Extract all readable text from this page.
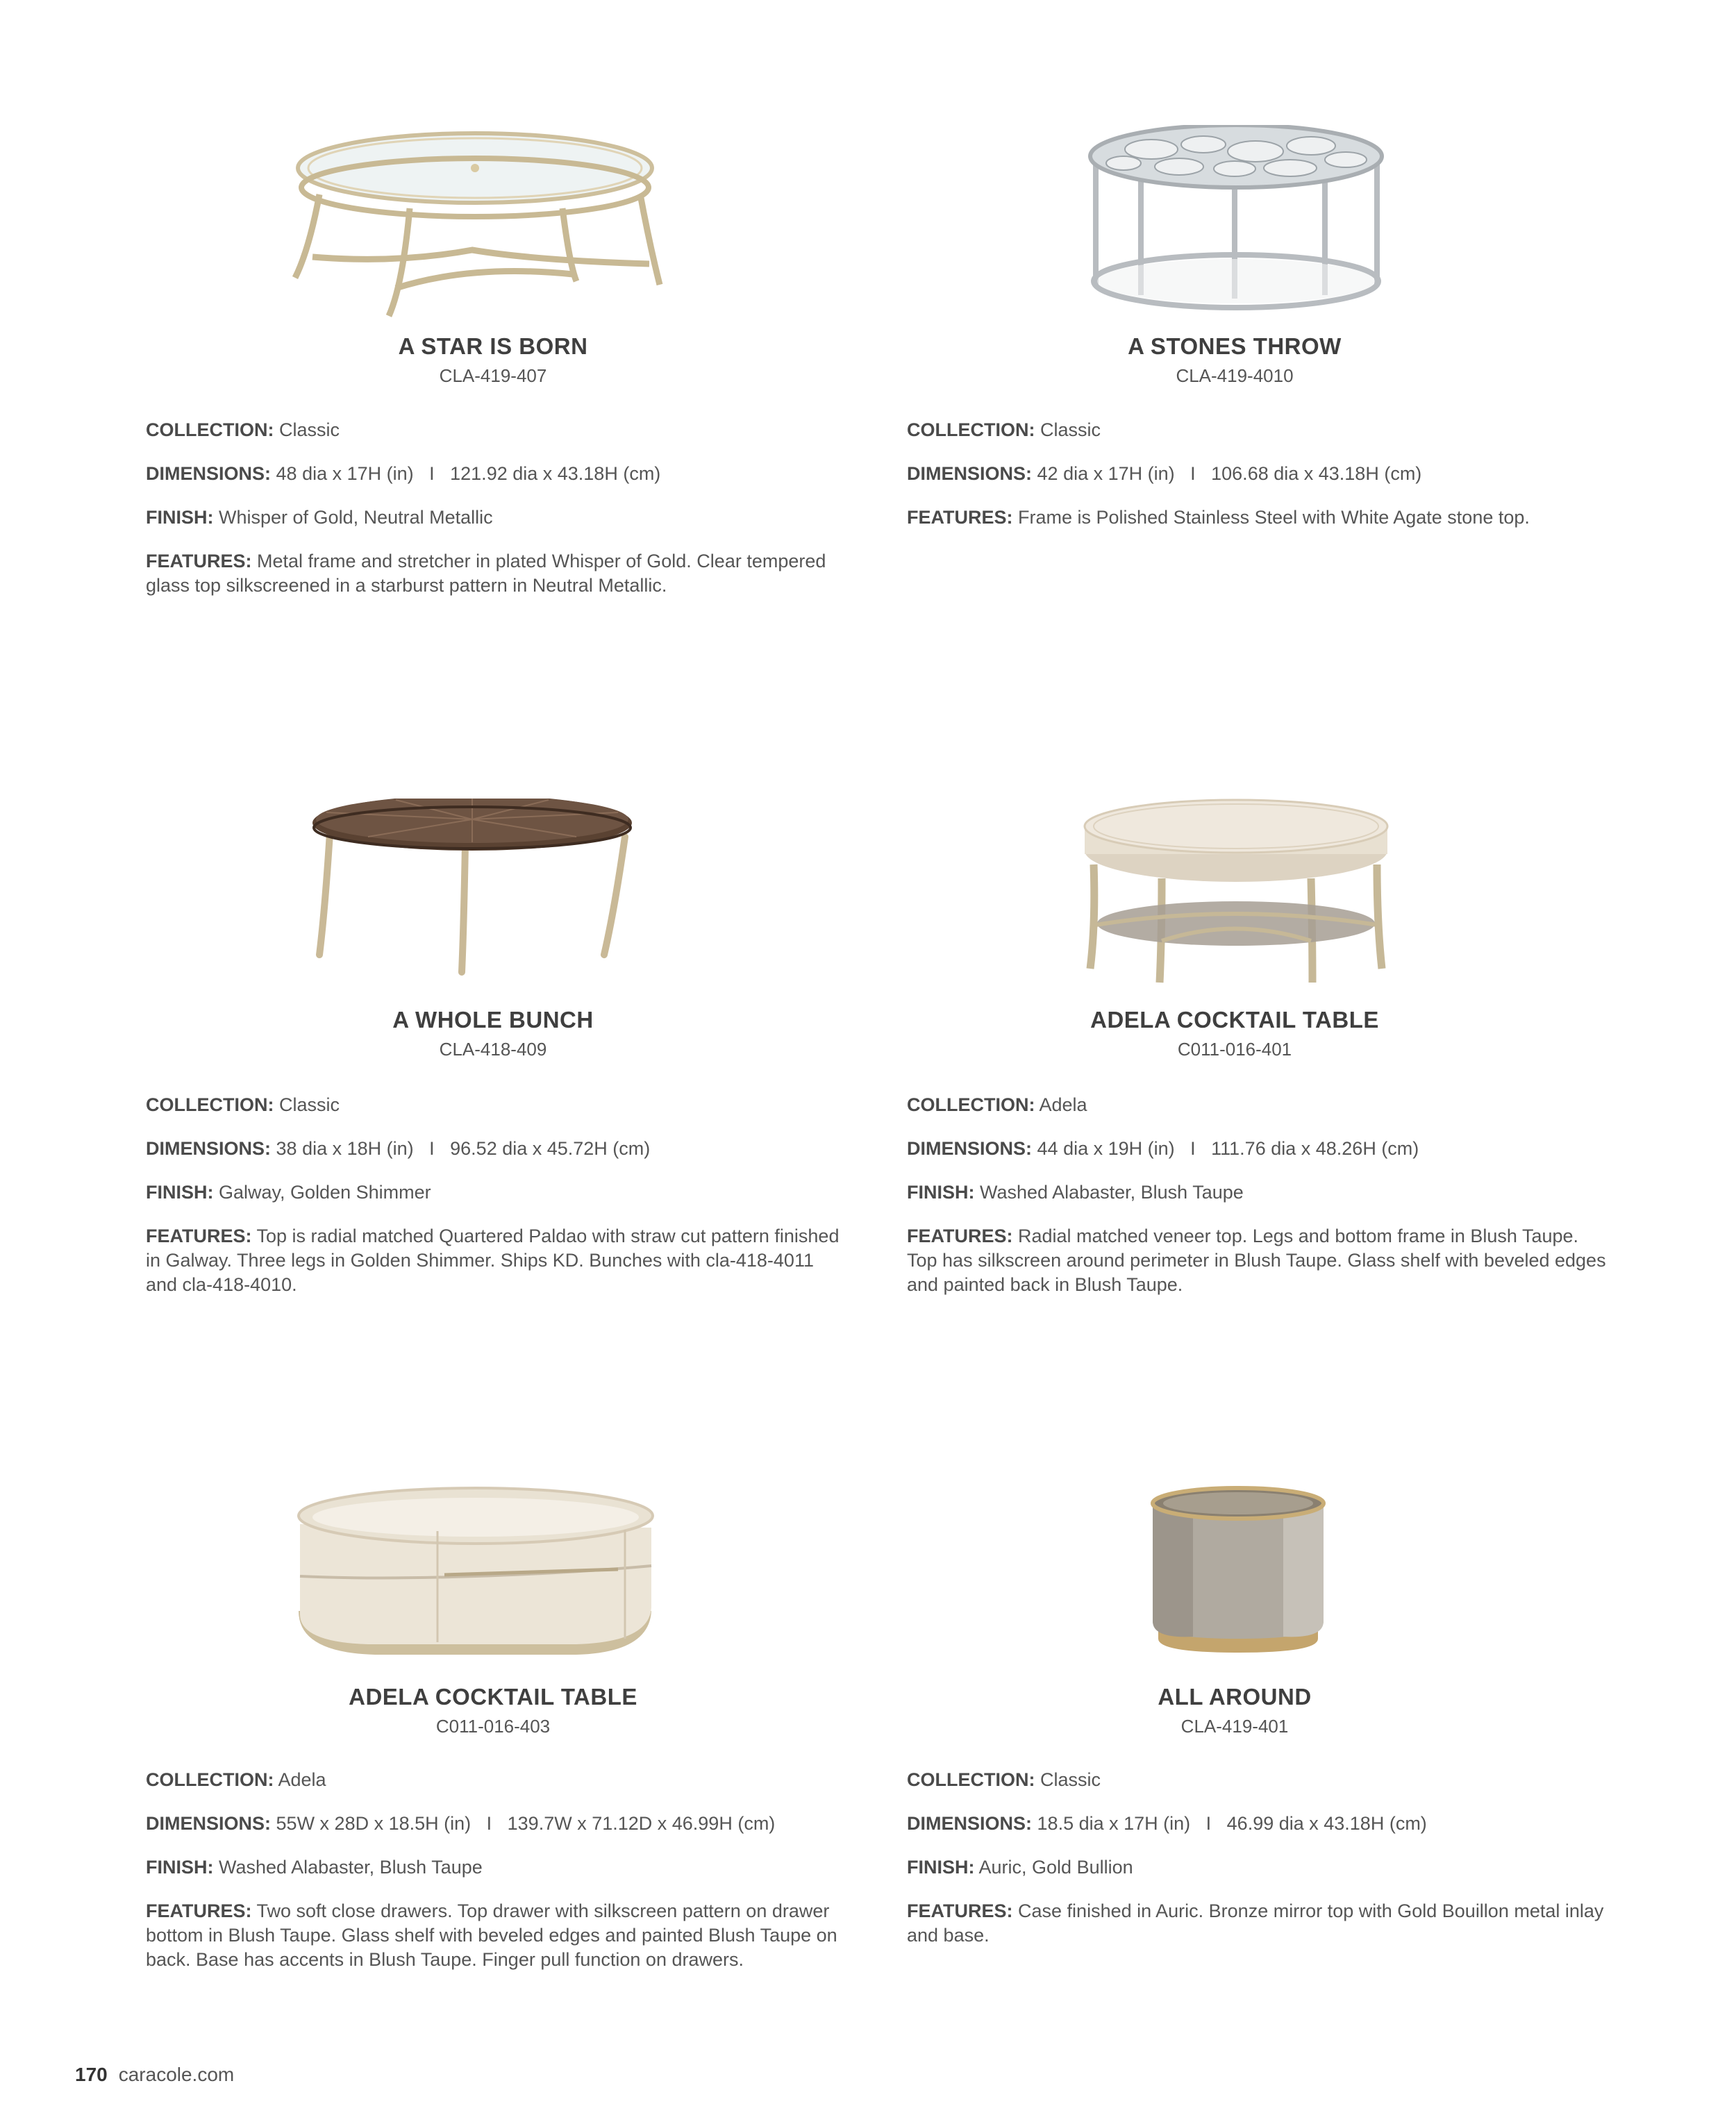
A STAR IS BORN
CLA-419-407
COLLECTION: Classic
DIMENSIONS: 48 dia x 17H (in)   I   121.92 dia x 43.18H (cm)
FINISH: Whisper of Gold, Neutral Metallic
FEATURES: Metal frame and stretcher in plated Whisper of Gold. Clear tempered glass top silkscreened in a starburst pattern in Neutral Metallic.
A STONES THROW
CLA-419-4010
COLLECTION: Classic
DIMENSIONS: 42 dia x 17H (in)   I   106.68 dia x 43.18H (cm)
FEATURES: Frame is Polished Stainless Steel with White Agate stone top.
A WHOLE BUNCH
CLA-418-409
COLLECTION: Classic
DIMENSIONS: 38 dia x 18H (in)   I   96.52 dia x 45.72H (cm)
FINISH: Galway, Golden Shimmer
FEATURES: Top is radial matched Quartered Paldao with straw cut pattern finished in Galway. Three legs in Golden Shimmer. Ships KD. Bunches with cla-418-4011 and cla-418-4010.
ADELA COCKTAIL TABLE
C011-016-401
COLLECTION: Adela
DIMENSIONS: 44 dia x 19H (in)   I   111.76 dia x 48.26H (cm)
FINISH: Washed Alabaster, Blush Taupe
FEATURES: Radial matched veneer top. Legs and bottom frame in Blush Taupe. Top has silkscreen around perimeter in Blush Taupe. Glass shelf with beveled edges and painted back in Blush Taupe.
ADELA COCKTAIL TABLE
C011-016-403
COLLECTION: Adela
DIMENSIONS: 55W x 28D x 18.5H (in)   I   139.7W x 71.12D x 46.99H (cm)
FINISH: Washed Alabaster, Blush Taupe
FEATURES: Two soft close drawers. Top drawer with silkscreen pattern on drawer bottom in Blush Taupe. Glass shelf with beveled edges and painted Blush Taupe on back. Base has accents in Blush Taupe. Finger pull function on drawers.
ALL AROUND
CLA-419-401
COLLECTION: Classic
DIMENSIONS: 18.5 dia x 17H (in)   I   46.99 dia x 43.18H (cm)
FINISH: Auric, Gold Bullion
FEATURES: Case finished in Auric. Bronze mirror top with Gold Bouillon metal inlay and base.
170 caracole.com
